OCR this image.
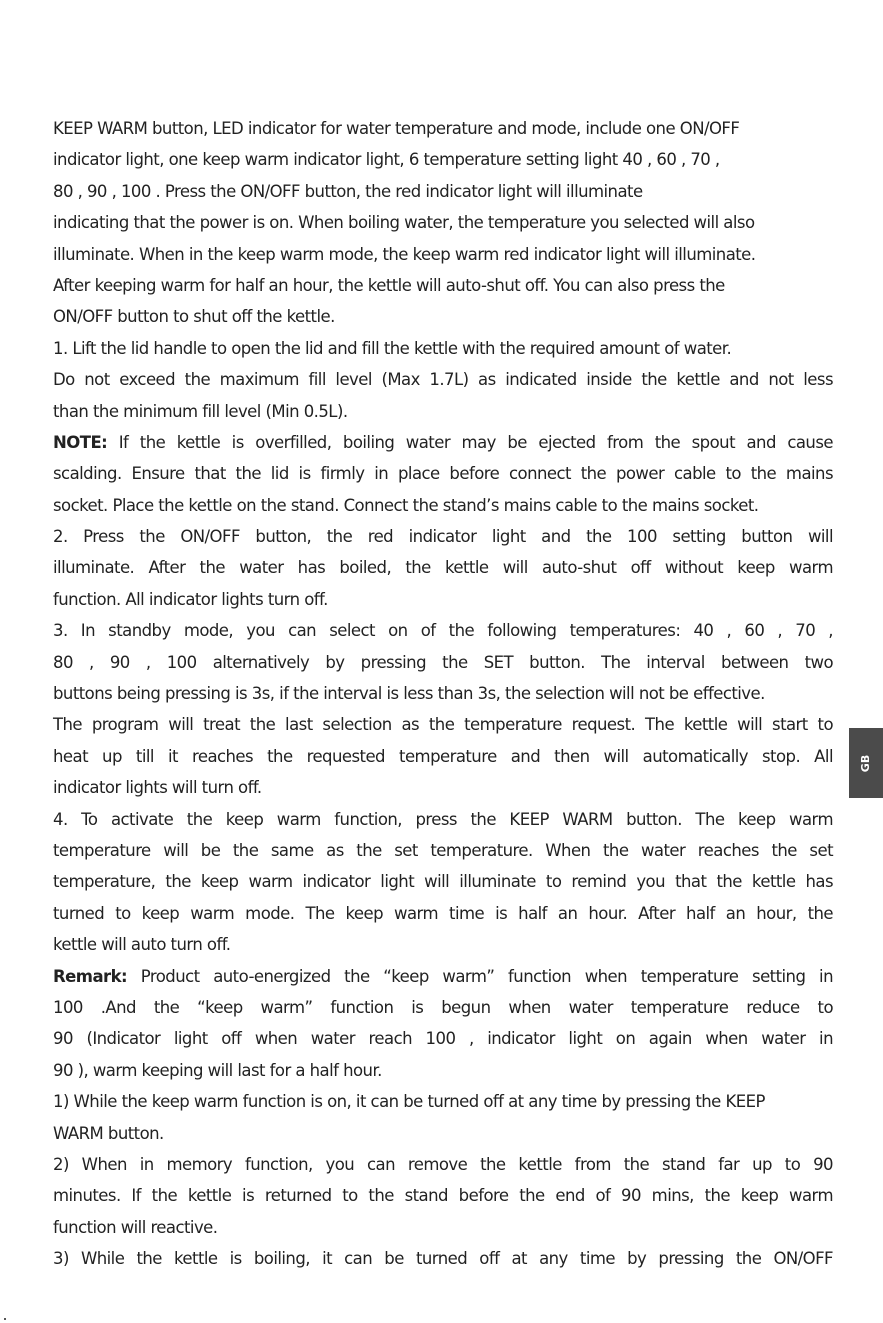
KEEP WARM button, LED indicator for water temperature and mode, include one ON/OFF
indicator light, one keep warm indicator light, 6 temperature setting light 40 , 60 , 70 ,
80 , 90 , 100 . Press the ON/OFF button, the red indicator light will illuminate
indicating that the power is on. When boiling water, the temperature you selected will also
illuminate. When in the keep warm mode, the keep warm red indicator light will illuminate.
After keeping warm for half an hour, the kettle will auto-shut off. You can also press the
ON/OFF button to shut off the kettle.
1. Lift the lid handle to open the lid and fill the kettle with the required amount of water.
Do not exceed the maximum fill level (Max 1.7L) as indicated inside the kettle and not less
than the minimum fill level (Min 0.5L).
NOTE: If the kettle is overfilled, boiling water may be ejected from the spout and cause
scalding. Ensure that the lid is firmly in place before connect the power cable to the mains
socket. Place the kettle on the stand. Connect the stand’s mains cable to the mains socket.
2. Press the ON/OFF button, the red indicator light and the 100 setting button will
illuminate. After the water has boiled, the kettle will auto-shut off without keep warm
function. All indicator lights turn off.
3. In standby mode, you can select on of the following temperatures: 40 , 60 , 70 ,
80 , 90 , 100 alternatively by pressing the SET button. The interval between two
buttons being pressing is 3s, if the interval is less than 3s, the selection will not be effective.
The program will treat the last selection as the temperature request. The kettle will start to
heat up till it reaches the requested temperature and then will automatically stop. All
indicator lights will turn off.
4. To activate the keep warm function, press the KEEP WARM button. The keep warm
temperature will be the same as the set temperature. When the water reaches the set
temperature, the keep warm indicator light will illuminate to remind you that the kettle has
turned to keep warm mode. The keep warm time is half an hour. After half an hour, the
kettle will auto turn off.
Remark: Product auto-energized the “keep warm” function when temperature setting in
100 .And the “keep warm” function is begun when water temperature reduce to
90 (Indicator light off when water reach 100 , indicator light on again when water in
90 ), warm keeping will last for a half hour.
1) While the keep warm function is on, it can be turned off at any time by pressing the KEEP
WARM button.
2) When in memory function, you can remove the kettle from the stand far up to 90
minutes. If the kettle is returned to the stand before the end of 90 mins, the keep warm
function will reactive.
3) While the kettle is boiling, it can be turned off at any time by pressing the ON/OFF
GB
